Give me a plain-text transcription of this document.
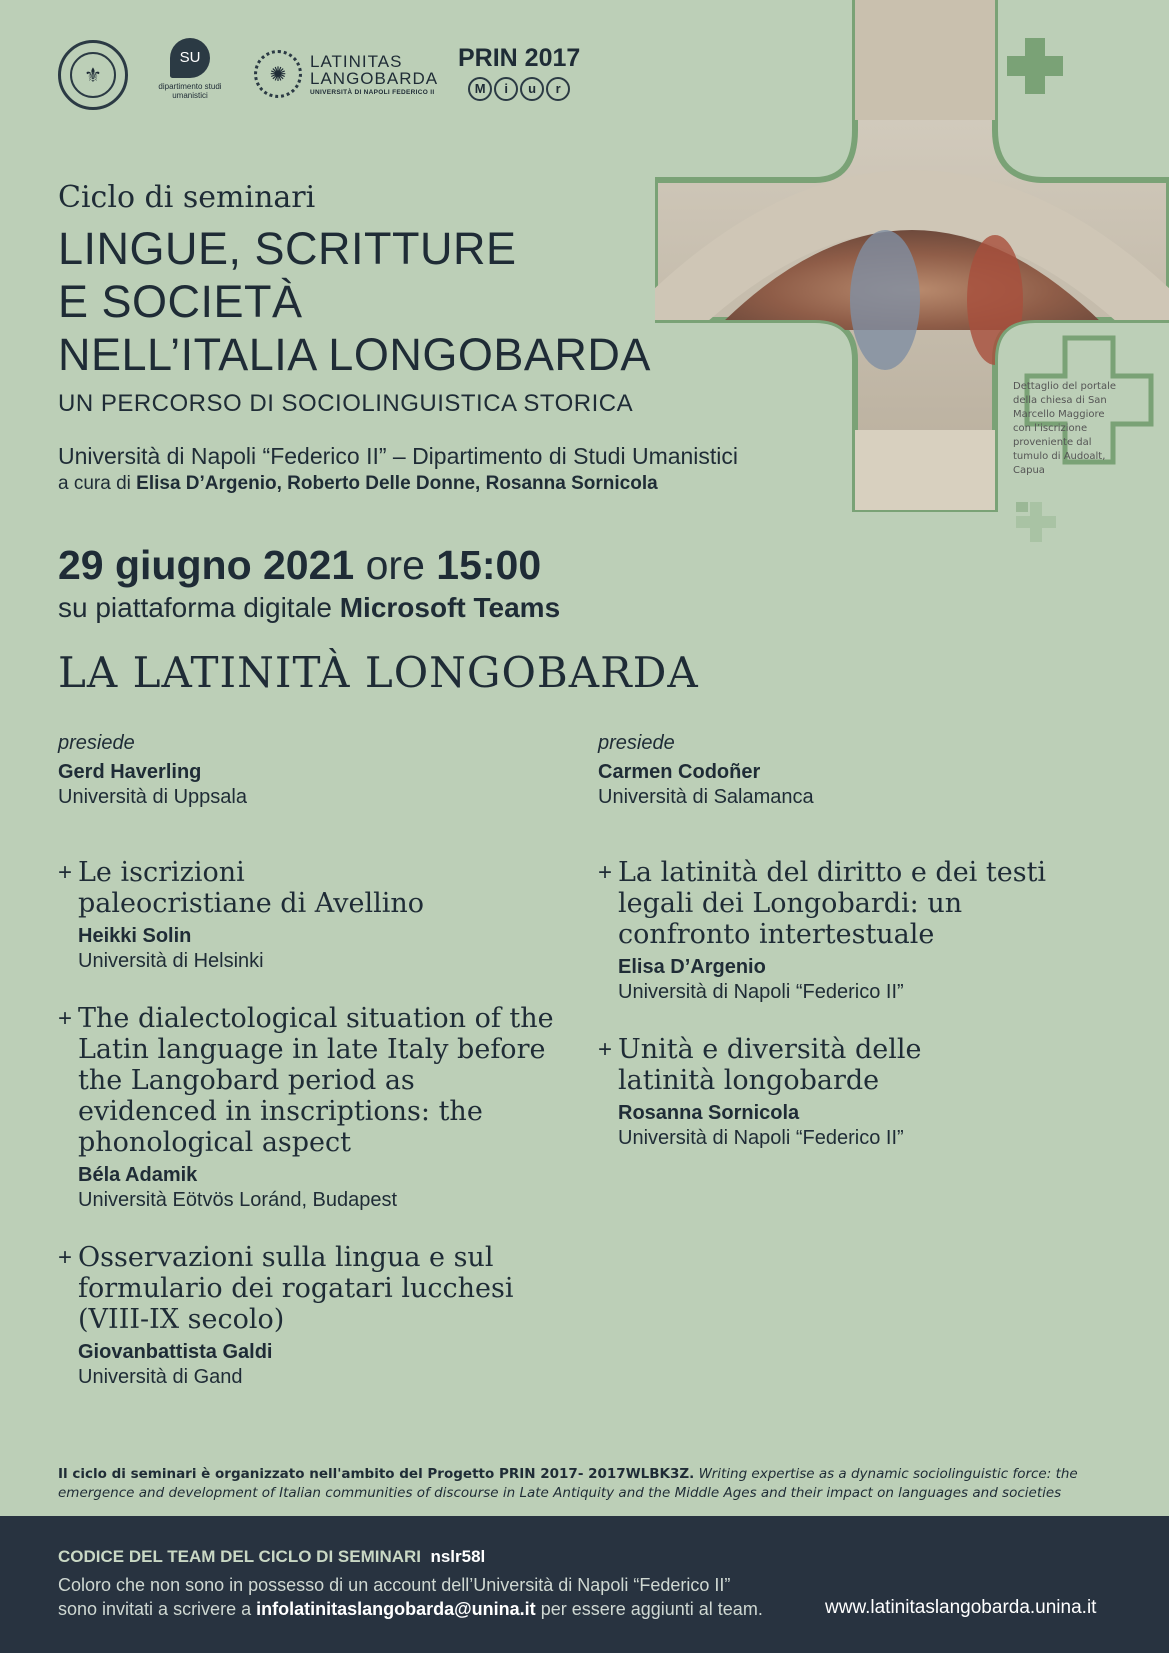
⚜
SU
dipartimento studi umanistici
✺
LATINITAS
LANGOBARDA
UNIVERSITÀ DI NAPOLI FEDERICO II
PRIN 2017
M	i	u	r
Dettaglio del portale della chiesa di San Marcello Maggiore con l’iscrizione proveniente dal tumulo di Audoalt, Capua
Ciclo di seminari
LINGUE, SCRITTURE
E SOCIETÀ
NELL’ITALIA LONGOBARDA
UN PERCORSO DI SOCIOLINGUISTICA STORICA
Università di Napoli “Federico II” – Dipartimento di Studi Umanistici
a cura di Elisa D’Argenio, Roberto Delle Donne, Rosanna Sornicola
29 giugno 2021 ore 15:00
su piattaforma digitale Microsoft Teams
LA LATINITÀ LONGOBARDA
presiede
Gerd Haverling
Università di Uppsala
+ Le iscrizioni paleocristiane di Avellino
Heikki Solin
Università di Helsinki
+ The dialectological situation of the Latin language in late Italy before the Langobard period as evidenced in inscriptions: the phonological aspect
Béla Adamik
Università Eötvös Loránd, Budapest
+ Osservazioni sulla lingua e sul formulario dei rogatari lucchesi (VIII-IX secolo)
Giovanbattista Galdi
Università di Gand
presiede
Carmen Codoñer
Università di Salamanca
+ La latinità del diritto e dei testi legali dei Longobardi: un confronto intertestuale
Elisa D’Argenio
Università di Napoli “Federico II”
+ Unità e diversità delle latinità longobarde
Rosanna Sornicola
Università di Napoli “Federico II”
Il ciclo di seminari è organizzato nell'ambito del Progetto PRIN 2017- 2017WLBK3Z. Writing expertise as a dynamic sociolinguistic force: the emergence and development of Italian communities of discourse in Late Antiquity and the Middle Ages and their impact on languages and societies
CODICE DEL TEAM DEL CICLO DI SEMINARI nslr58l
Coloro che non sono in possesso di un account dell’Università di Napoli “Federico II”
sono invitati a scrivere a infolatinitaslangobarda@unina.it per essere aggiunti al team.	www.latinitaslangobarda.unina.it
